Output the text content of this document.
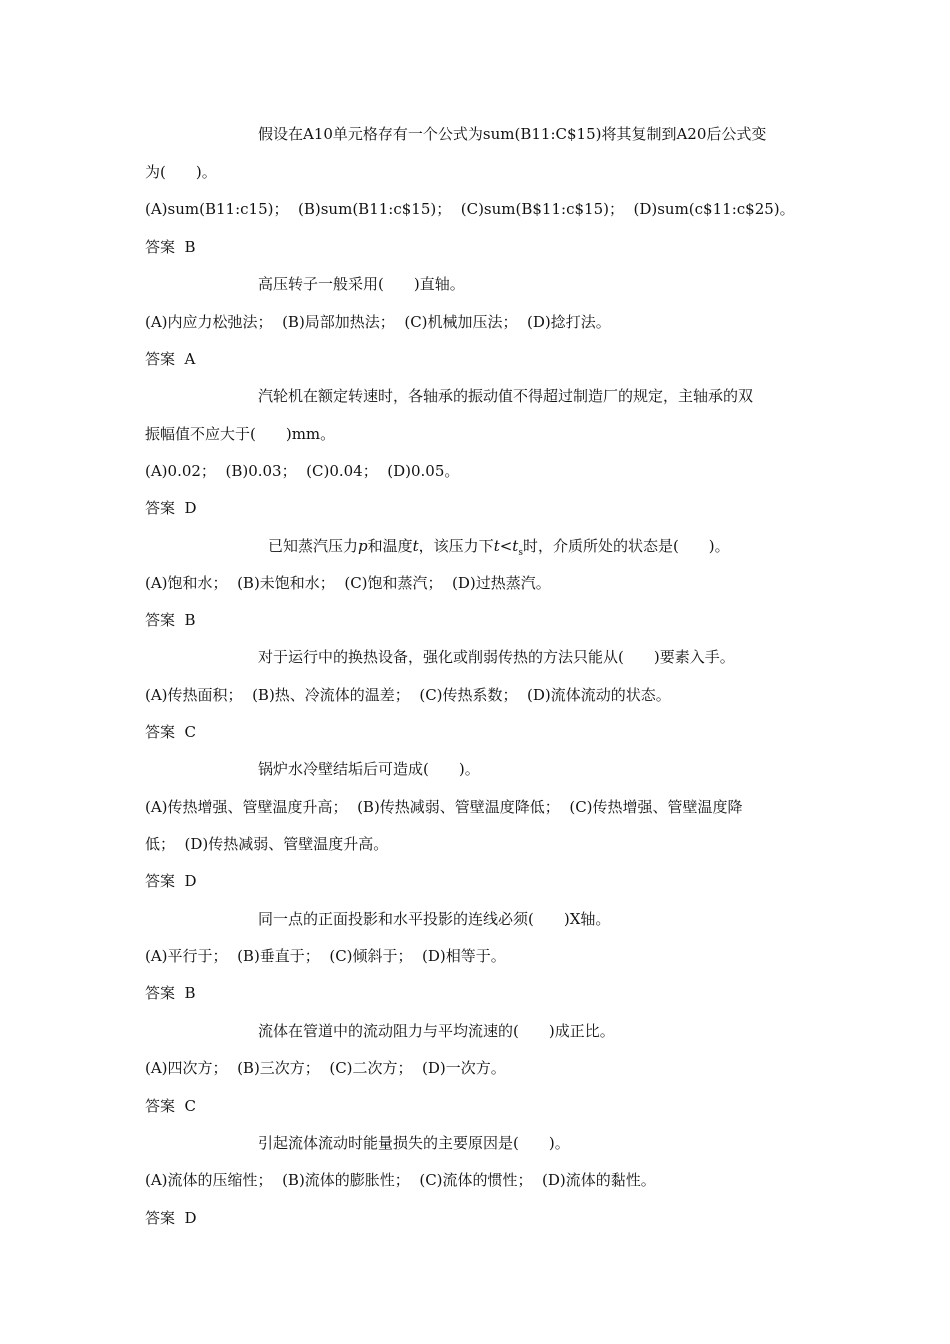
假设在A10单元格存有一个公式为sum(B11:C$15)将其复制到A20后公式变
为(　　)。
(A)sum(B11:c15)；  (B)sum(B11:c$15)；  (C)sum(B$11:c$15)；  (D)sum(c$11:c$25)。
答案  B
高压转子一般采用(　　)直轴。
(A)内应力松弛法；  (B)局部加热法；  (C)机械加压法；  (D)捻打法。
答案  A
汽轮机在额定转速时，各轴承的振动值不得超过制造厂的规定，主轴承的双
振幅值不应大于(　　)mm。
(A)0.02；  (B)0.03；  (C)0.04；  (D)0.05。
答案  D
已知蒸汽压力p和温度t，该压力下$t<t_s$时，介质所处的状态是(　　)。
(A)饱和水；  (B)未饱和水；  (C)饱和蒸汽；  (D)过热蒸汽。
答案  B
对于运行中的换热设备，强化或削弱传热的方法只能从(　　)要素入手。
(A)传热面积；  (B)热、冷流体的温差；  (C)传热系数；  (D)流体流动的状态。
答案  C
锅炉水冷壁结垢后可造成(　　)。
(A)传热增强、管壁温度升高；  (B)传热减弱、管壁温度降低；  (C)传热增强、管壁温度降
低；  (D)传热减弱、管壁温度升高。
答案  D
同一点的正面投影和水平投影的连线必须(　　)X轴。
(A)平行于；  (B)垂直于；  (C)倾斜于；  (D)相等于。
答案  B
流体在管道中的流动阻力与平均流速的(　　)成正比。
(A)四次方；  (B)三次方；  (C)二次方；  (D)一次方。
答案  C
引起流体流动时能量损失的主要原因是(　　)。
(A)流体的压缩性；  (B)流体的膨胀性；  (C)流体的惯性；  (D)流体的黏性。
答案  D
